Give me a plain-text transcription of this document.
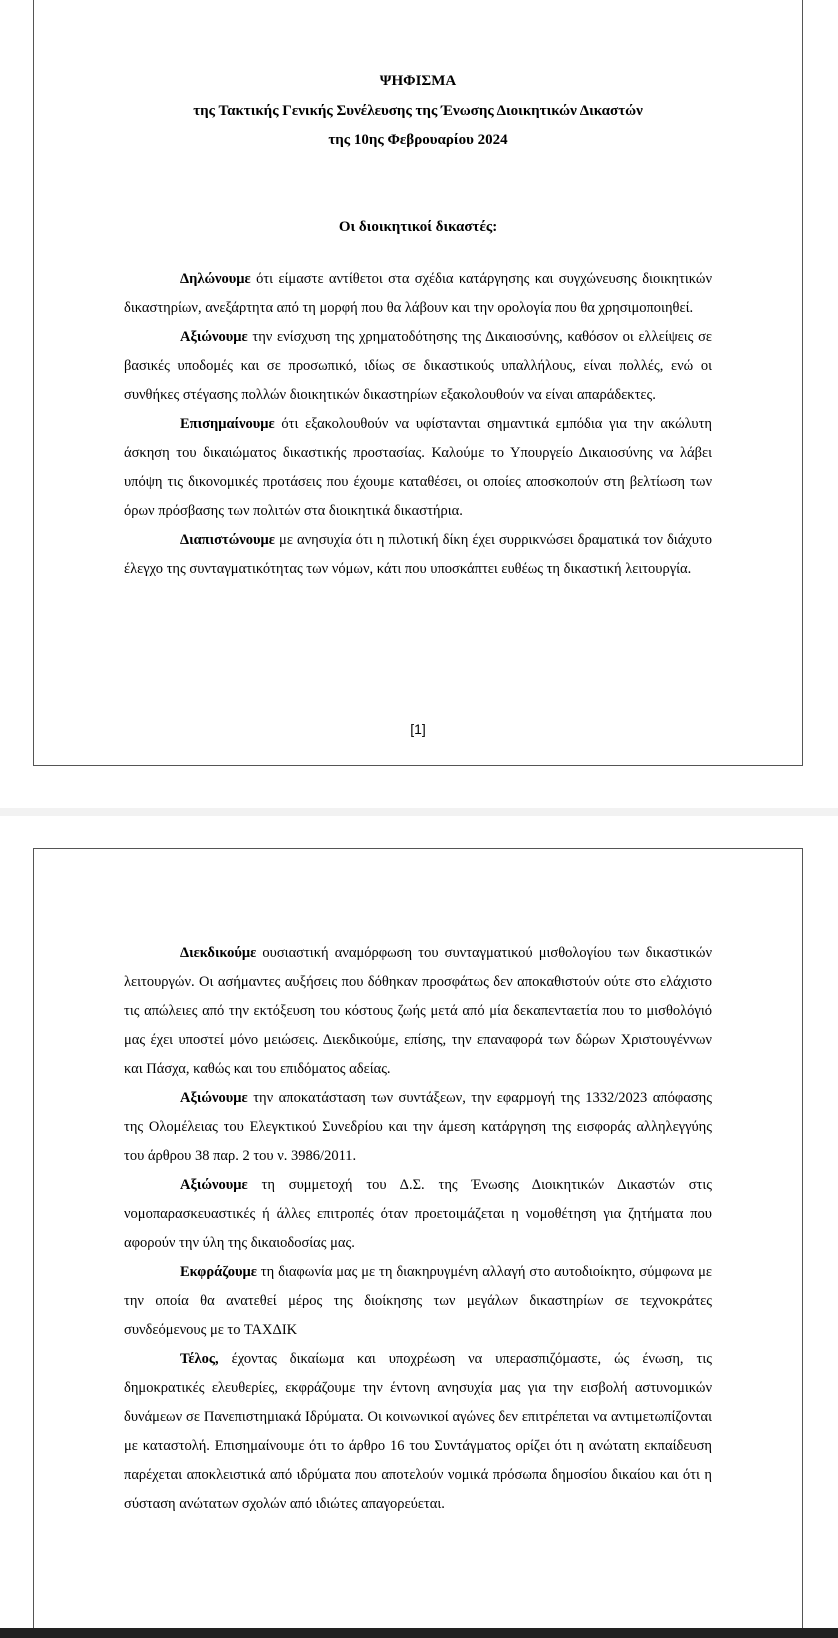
ΨΗΦΙΣΜΑ
της Τακτικής Γενικής Συνέλευσης της Ένωσης Διοικητικών Δικαστών
της 10ης Φεβρουαρίου 2024
Οι διοικητικοί δικαστές:

Δηλώνουμε ότι είμαστε αντίθετοι στα σχέδια κατάργησης και συγχώνευσης διοικητικών δικαστηρίων, ανεξάρτητα από τη μορφή που θα λάβουν και την ορολογία που θα χρησιμοποιηθεί.

Αξιώνουμε την ενίσχυση της χρηματοδότησης της Δικαιοσύνης, καθόσον οι ελλείψεις σε βασικές υποδομές και σε προσωπικό, ιδίως σε δικαστικούς υπαλλήλους, είναι πολλές, ενώ οι συνθήκες στέγασης πολλών διοικητικών δικαστηρίων εξακολουθούν να είναι απαράδεκτες.

Επισημαίνουμε ότι εξακολουθούν να υφίστανται σημαντικά εμπόδια για την ακώλυτη άσκηση του δικαιώματος δικαστικής προστασίας. Καλούμε το Υπουργείο Δικαιοσύνης να λάβει υπόψη τις δικονομικές προτάσεις που έχουμε καταθέσει, οι οποίες αποσκοπούν στη βελτίωση των όρων πρόσβασης των πολιτών στα διοικητικά δικαστήρια.

Διαπιστώνουμε με ανησυχία ότι η πιλοτική δίκη έχει συρρικνώσει δραματικά τον διάχυτο έλεγχο της συνταγματικότητας των νόμων, κάτι που υποσκάπτει ευθέως τη δικαστική λειτουργία.

[1]

Διεκδικούμε ουσιαστική αναμόρφωση του συνταγματικού μισθολογίου των δικαστικών λειτουργών. Οι ασήμαντες αυξήσεις που δόθηκαν προσφάτως δεν αποκαθιστούν ούτε στο ελάχιστο τις απώλειες από την εκτόξευση του κόστους ζωής μετά από μία δεκαπενταετία που το μισθολόγιό μας έχει υποστεί μόνο μειώσεις. Διεκδικούμε, επίσης, την επαναφορά των δώρων Χριστουγέννων και Πάσχα, καθώς και του επιδόματος αδείας.

Αξιώνουμε την αποκατάσταση των συντάξεων, την εφαρμογή της 1332/2023 απόφασης της Ολομέλειας του Ελεγκτικού Συνεδρίου και την άμεση κατάργηση της εισφοράς αλληλεγγύης του άρθρου 38 παρ. 2 του ν. 3986/2011.

Αξιώνουμε τη συμμετοχή του Δ.Σ. της Ένωσης Διοικητικών Δικαστών στις νομοπαρασκευαστικές ή άλλες επιτροπές όταν προετοιμάζεται η νομοθέτηση για ζητήματα που αφορούν την ύλη της δικαιοδοσίας μας.

Εκφράζουμε τη διαφωνία μας με τη διακηρυγμένη αλλαγή στο αυτοδιοίκητο, σύμφωνα με την οποία θα ανατεθεί μέρος της διοίκησης των μεγάλων δικαστηρίων σε τεχνοκράτες συνδεόμενους με το ΤΑΧΔΙΚ

Τέλος, έχοντας δικαίωμα και υποχρέωση να υπερασπιζόμαστε, ώς ένωση, τις δημοκρατικές ελευθερίες, εκφράζουμε την έντονη ανησυχία μας για την εισβολή αστυνομικών δυνάμεων σε Πανεπιστημιακά Ιδρύματα. Οι κοινωνικοί αγώνες δεν επιτρέπεται να αντιμετωπίζονται με καταστολή. Επισημαίνουμε ότι το άρθρο 16 του Συντάγματος ορίζει ότι η ανώτατη εκπαίδευση παρέχεται αποκλειστικά από ιδρύματα που αποτελούν νομικά πρόσωπα δημοσίου δικαίου και ότι η σύσταση ανώτατων σχολών από ιδιώτες απαγορεύεται.
